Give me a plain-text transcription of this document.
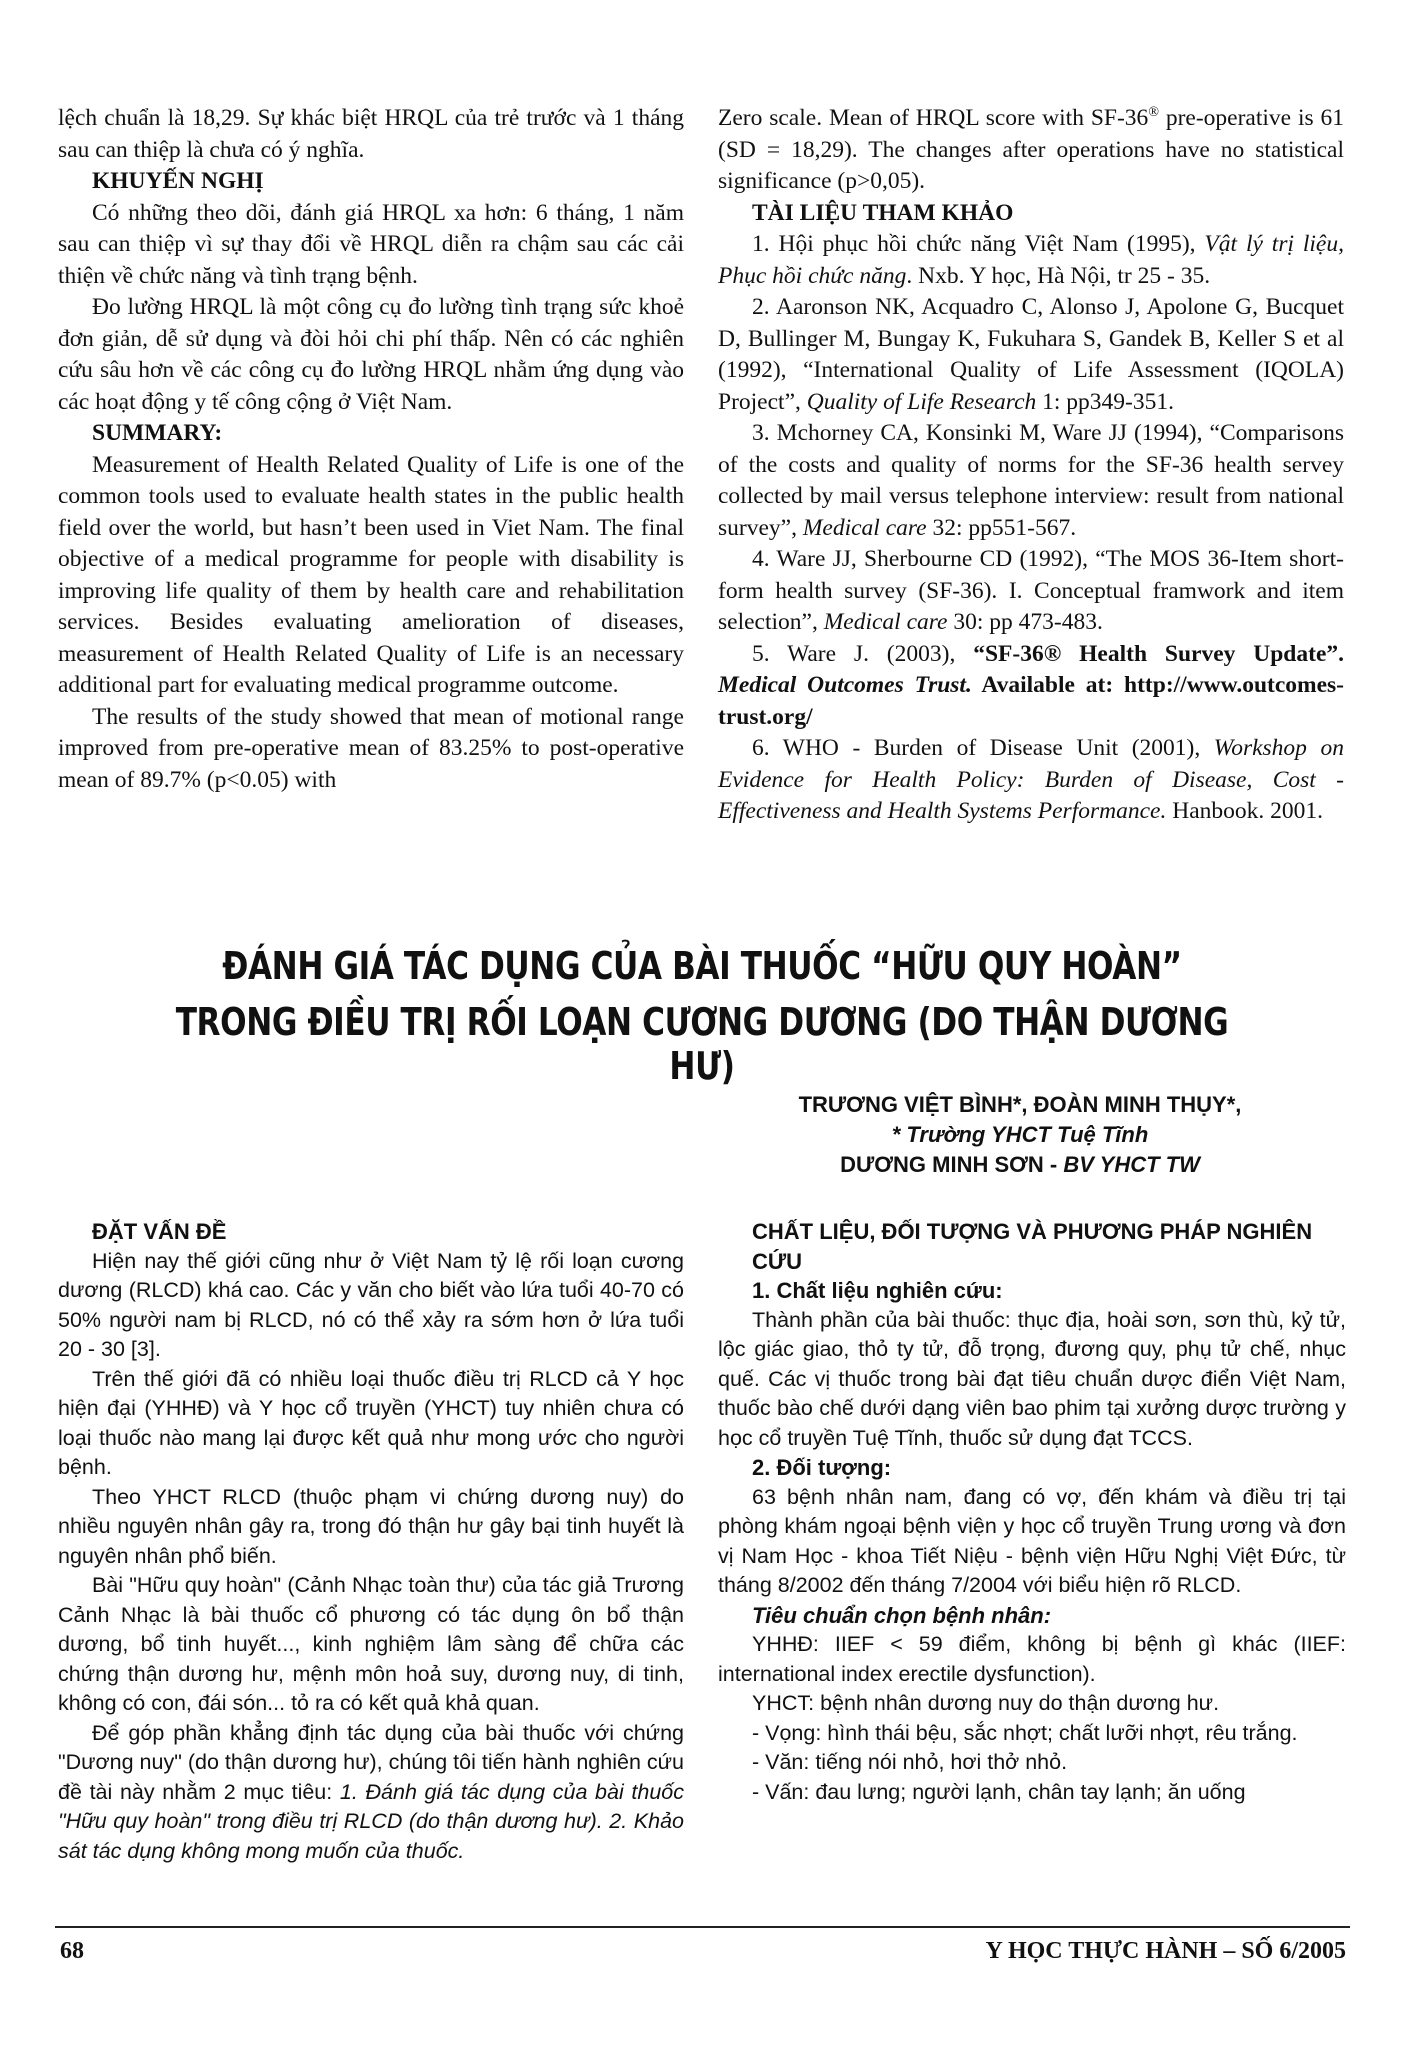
lệch chuẩn là 18,29. Sự khác biệt HRQL của trẻ trước và 1 tháng sau can thiệp là chưa có ý nghĩa.

KHUYẾN NGHỊ

Có những theo dõi, đánh giá HRQL xa hơn: 6 tháng, 1 năm sau can thiệp vì sự thay đổi về HRQL diễn ra chậm sau các cải thiện về chức năng và tình trạng bệnh.

Đo lường HRQL là một công cụ đo lường tình trạng sức khoẻ đơn giản, dễ sử dụng và đòi hỏi chi phí thấp. Nên có các nghiên cứu sâu hơn về các công cụ đo lường HRQL nhằm ứng dụng vào các hoạt động y tế công cộng ở Việt Nam.

SUMMARY:

Measurement of Health Related Quality of Life is one of the common tools used to evaluate health states in the public health field over the world, but hasn’t been used in Viet Nam. The final objective of a medical programme for people with disability is improving life quality of them by health care and rehabilitation services. Besides evaluating amelioration of diseases, measurement of Health Related Quality of Life is an necessary additional part for evaluating medical programme outcome.

The results of the study showed that mean of motional range improved from pre-operative mean of 83.25% to post-operative mean of 89.7% (p<0.05) with

Zero scale. Mean of HRQL score with SF-36® pre-operative is 61 (SD = 18,29). The changes after operations have no statistical significance (p>0,05).

TÀI LIỆU THAM KHẢO

1. Hội phục hồi chức năng Việt Nam (1995), Vật lý trị liệu, Phục hồi chức năng. Nxb. Y học, Hà Nội, tr 25 - 35.

2. Aaronson NK, Acquadro C, Alonso J, Apolone G, Bucquet D, Bullinger M, Bungay K, Fukuhara S, Gandek B, Keller S et al (1992), “International Quality of Life Assessment (IQOLA) Project”, Quality of Life Research 1: pp349-351.

3. Mchorney CA, Konsinki M, Ware JJ (1994), “Comparisons of the costs and quality of norms for the SF-36 health servey collected by mail versus telephone interview: result from national survey”, Medical care 32: pp551-567.

4. Ware JJ, Sherbourne CD (1992), “The MOS 36-Item short-form health survey (SF-36). I. Conceptual framwork and item selection”, Medical care 30: pp 473-483.

5. Ware J. (2003), “SF-36® Health Survey Update”. Medical Outcomes Trust. Available at: http://www.outcomes-trust.org/

6. WHO - Burden of Disease Unit (2001), Workshop on Evidence for Health Policy: Burden of Disease, Cost - Effectiveness and Health Systems Performance. Hanbook. 2001.

ĐÁNH GIÁ TÁC DỤNG CỦA BÀI THUỐC “HỮU QUY HOÀN”
TRONG ĐIỀU TRỊ RỐI LOẠN CƯƠNG DƯƠNG (DO THẬN DƯƠNG HƯ)
TRƯƠNG VIỆT BÌNH*, ĐOÀN MINH THỤY*,
* Trường YHCT Tuệ Tĩnh
DƯƠNG MINH SƠN - BV YHCT TW

ĐẶT VẤN ĐỀ

Hiện nay thế giới cũng như ở Việt Nam tỷ lệ rối loạn cương dương (RLCD) khá cao. Các y văn cho biết vào lứa tuổi 40-70 có 50% người nam bị RLCD, nó có thể xảy ra sớm hơn ở lứa tuổi 20 - 30 [3].

Trên thế giới đã có nhiều loại thuốc điều trị RLCD cả Y học hiện đại (YHHĐ) và Y học cổ truyền (YHCT) tuy nhiên chưa có loại thuốc nào mang lại được kết quả như mong ước cho người bệnh.

Theo YHCT RLCD (thuộc phạm vi chứng dương nuy) do nhiều nguyên nhân gây ra, trong đó thận hư gây bại tinh huyết là nguyên nhân phổ biến.

Bài "Hữu quy hoàn" (Cảnh Nhạc toàn thư) của tác giả Trương Cảnh Nhạc là bài thuốc cổ phương có tác dụng ôn bổ thận dương, bổ tinh huyết..., kinh nghiệm lâm sàng để chữa các chứng thận dương hư, mệnh môn hoả suy, dương nuy, di tinh, không có con, đái són... tỏ ra có kết quả khả quan.

Để góp phần khẳng định tác dụng của bài thuốc với chứng "Dương nuy" (do thận dương hư), chúng tôi tiến hành nghiên cứu đề tài này nhằm 2 mục tiêu: 1. Đánh giá tác dụng của bài thuốc "Hữu quy hoàn" trong điều trị RLCD (do thận dương hư). 2. Khảo sát tác dụng không mong muốn của thuốc.

CHẤT LIỆU, ĐỐI TƯỢNG VÀ PHƯƠNG PHÁP NGHIÊN CỨU

1. Chất liệu nghiên cứu:

Thành phần của bài thuốc: thục địa, hoài sơn, sơn thù, kỷ tử, lộc giác giao, thỏ ty tử, đỗ trọng, đương quy, phụ tử chế, nhục quế. Các vị thuốc trong bài đạt tiêu chuẩn dược điển Việt Nam, thuốc bào chế dưới dạng viên bao phim tại xưởng dược trường y học cổ truyền Tuệ Tĩnh, thuốc sử dụng đạt TCCS.

2. Đối tượng:

63 bệnh nhân nam, đang có vợ, đến khám và điều trị tại phòng khám ngoại bệnh viện y học cổ truyền Trung ương và đơn vị Nam Học - khoa Tiết Niệu - bệnh viện Hữu Nghị Việt Đức, từ tháng 8/2002 đến tháng 7/2004 với biểu hiện rõ RLCD.

Tiêu chuẩn chọn bệnh nhân:

YHHĐ: IIEF < 59 điểm, không bị bệnh gì khác (IIEF: international index erectile dysfunction).

YHCT: bệnh nhân dương nuy do thận dương hư.

- Vọng: hình thái bệu, sắc nhợt; chất lưỡi nhợt, rêu trắng.

- Văn: tiếng nói nhỏ, hơi thở nhỏ.

- Vấn: đau lưng; người lạnh, chân tay lạnh; ăn uống

68	Y HỌC THỰC HÀNH – SỐ 6/2005
